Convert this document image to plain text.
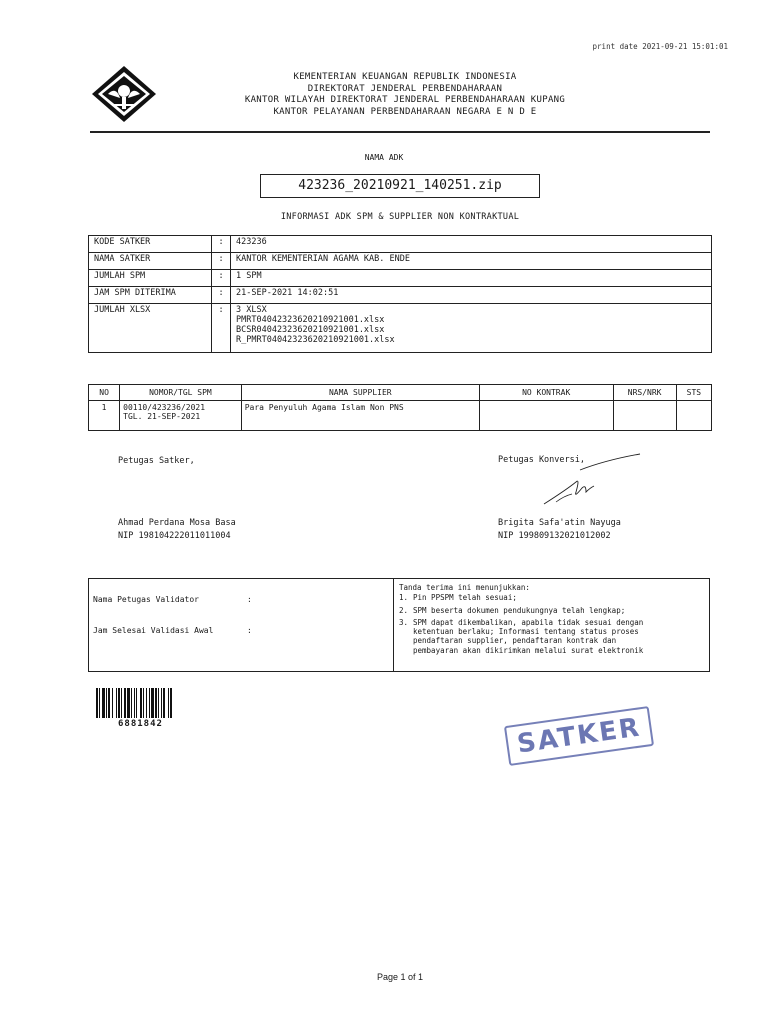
print date 2021-09-21 15:01:01
KEMENTERIAN KEUANGAN REPUBLIK INDONESIA
DIREKTORAT JENDERAL PERBENDAHARAAN
KANTOR WILAYAH DIREKTORAT JENDERAL PERBENDAHARAAN KUPANG
KANTOR PELAYANAN PERBENDAHARAAN NEGARA E N D E
NAMA ADK
423236_20210921_140251.zip
INFORMASI ADK SPM & SUPPLIER NON KONTRAKTUAL
KODE SATKER	:	423236
NAMA SATKER	:	KANTOR KEMENTERIAN AGAMA KAB. ENDE
JUMLAH SPM	:	1 SPM
JAM SPM DITERIMA	:	21-SEP-2021 14:02:51
JUMLAH XLSX	:	3 XLSX
PMRT040423236202109210​01.xlsx
BCSR04042323620210921001.xlsx
R_PMRT04042323620210921001.xlsx
NO	NOMOR/TGL SPM	NAMA SUPPLIER	NO KONTRAK	NRS/NRK	STS
1	00110/423236/2021
TGL. 21-SEP-2021	Para Penyuluh Agama Islam Non PNS			
Petugas Satker,
Ahmad Perdana Mosa Basa
NIP 198104222011011004
Petugas Konversi,
Brigita Safa'atin Nayuga
NIP 199809132021012002
Nama Petugas Validator	:
Jam Selesai Validasi Awal	:
Tanda terima ini menunjukkan:
1. Pin PPSPM telah sesuai;
2. SPM beserta dokumen pendukungnya telah lengkap;
3. SPM dapat dikembalikan, apabila tidak sesuai dengan
ketentuan berlaku; Informasi tentang status proses
pendaftaran supplier, pendaftaran kontrak dan
pembayaran akan dikirimkan melalui surat elektronik
6881842	SATKER
Page 1 of 1
